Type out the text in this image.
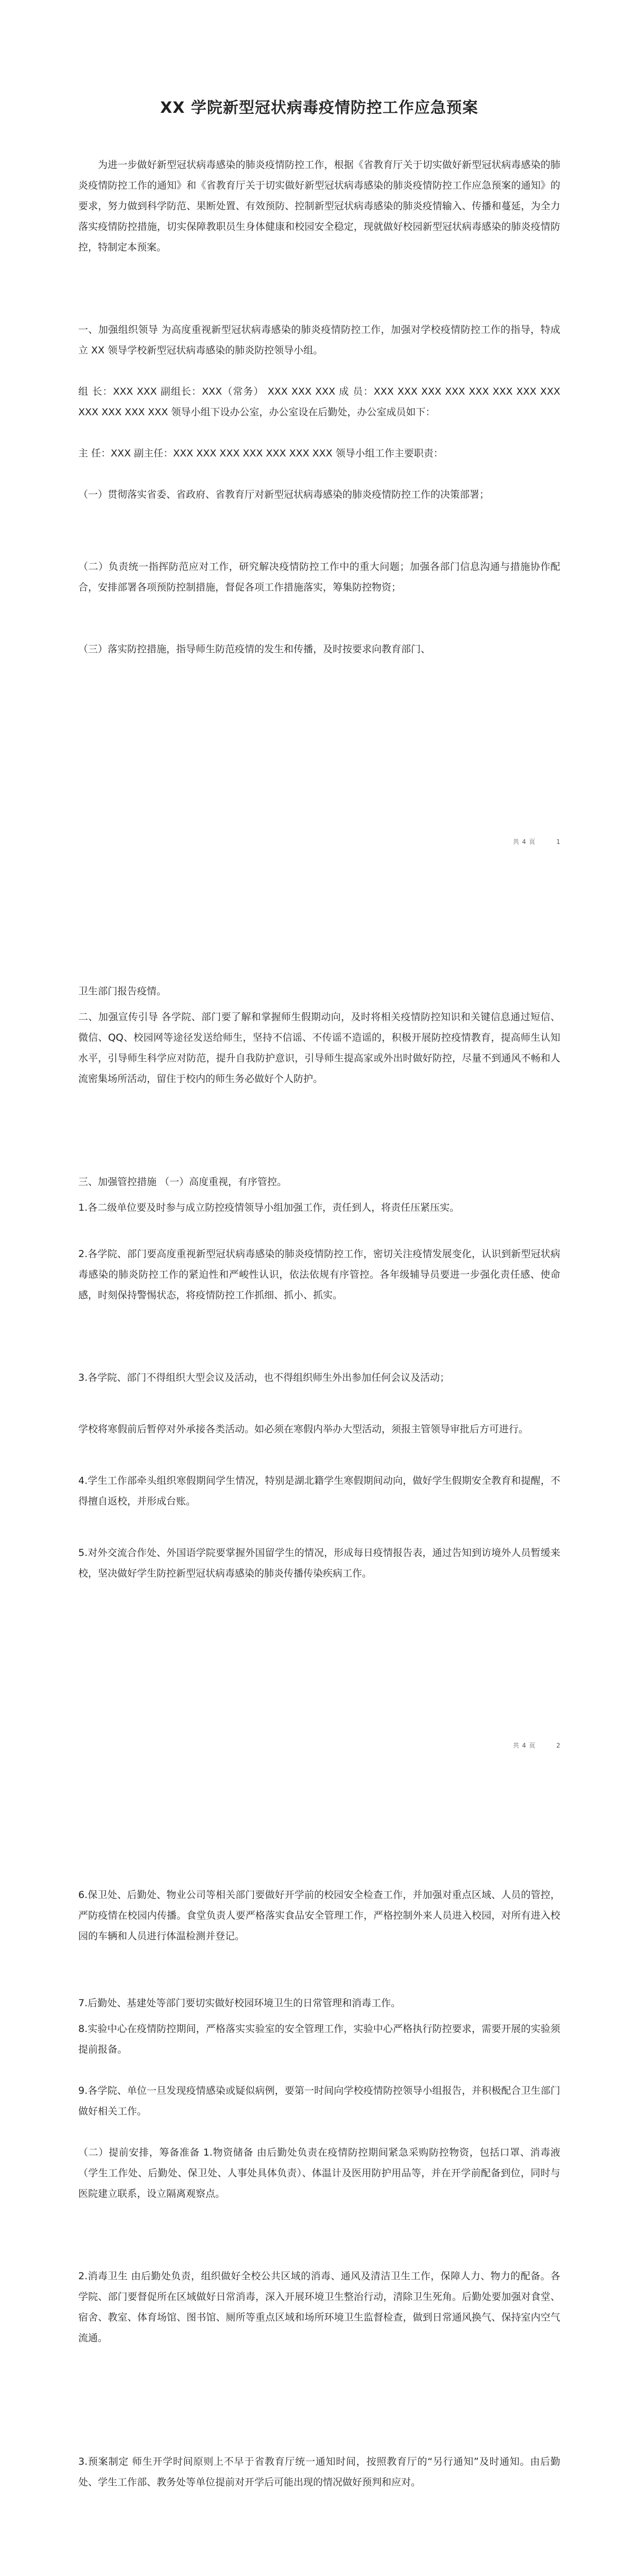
XX 学院新型冠状病毒疫情防控工作应急预案
为进一步做好新型冠状病毒感染的肺炎疫情防控工作，根据《省教育厅关于切实做好新型冠状病毒感染的肺炎疫情防控工作的通知》和《省教育厅关于切实做好新型冠状病毒感染的肺炎疫情防控工作应急预案的通知》的要求，努力做到科学防范、果断处置、有效预防、控制新型冠状病毒感染的肺炎疫情输入、传播和蔓延，为全力落实疫情防控措施，切实保障教职员生身体健康和校园安全稳定，现就做好校园新型冠状病毒感染的肺炎疫情防控，特制定本预案。
一、加强组织领导 为高度重视新型冠状病毒感染的肺炎疫情防控工作，加强对学校疫情防控工作的指导，特成立 XX 领导学校新型冠状病毒感染的肺炎防控领导小组。
组 长：XXX XXX 副组长：XXX（常务） XXX XXX XXX 成 员：XXX XXX XXX XXX XXX XXX XXX XXX XXX XXX XXX XXX 领导小组下设办公室，办公室设在后勤处，办公室成员如下：
主 任：XXX 副主任：XXX XXX XXX XXX XXX XXX XXX 领导小组工作主要职责：
（一）贯彻落实省委、省政府、省教育厅对新型冠状病毒感染的肺炎疫情防控工作的决策部署；
（二）负责统一指挥防范应对工作，研究解决疫情防控工作中的重大问题；加强各部门信息沟通与措施协作配合，安排部署各项预防控制措施，督促各项工作措施落实，筹集防控物资；
（三）落实防控措施，指导师生防范疫情的发生和传播，及时按要求向教育部门、
共 4 页	1
卫生部门报告疫情。
二、加强宣传引导 各学院、部门要了解和掌握师生假期动向，及时将相关疫情防控知识和关键信息通过短信、微信、QQ、校园网等途径发送给师生，坚持不信谣、不传谣不造谣的，积极开展防控疫情教育，提高师生认知水平，引导师生科学应对防范，提升自我防护意识，引导师生提高家或外出时做好防控，尽量不到通风不畅和人流密集场所活动，留住于校内的师生务必做好个人防护。
三、加强管控措施 （一）高度重视，有序管控。
1.各二级单位要及时参与成立防控疫情领导小组加强工作，责任到人，将责任压紧压实。
2.各学院、部门要高度重视新型冠状病毒感染的肺炎疫情防控工作，密切关注疫情发展变化，认识到新型冠状病毒感染的肺炎防控工作的紧迫性和严峻性认识，依法依规有序管控。各年级辅导员要进一步强化责任感、使命感，时刻保持警惕状态，将疫情防控工作抓细、抓小、抓实。
3.各学院、部门不得组织大型会议及活动，也不得组织师生外出参加任何会议及活动；
学校将寒假前后暂停对外承接各类活动。如必须在寒假内举办大型活动，须报主管领导审批后方可进行。
4.学生工作部牵头组织寒假期间学生情况，特别是湖北籍学生寒假期间动向，做好学生假期安全教育和提醒，不得擅自返校，并形成台账。
5.对外交流合作处、外国语学院要掌握外国留学生的情况，形成每日疫情报告表，通过告知到访境外人员暂缓来校，坚决做好学生防控新型冠状病毒感染的肺炎传播传染疾病工作。
共 4 页	2
6.保卫处、后勤处、物业公司等相关部门要做好开学前的校园安全检查工作，并加强对重点区域、人员的管控，严防疫情在校园内传播。食堂负责人要严格落实食品安全管理工作，严格控制外来人员进入校园，对所有进入校园的车辆和人员进行体温检测并登记。
7.后勤处、基建处等部门要切实做好校园环境卫生的日常管理和消毒工作。
8.实验中心在疫情防控期间，严格落实实验室的安全管理工作，实验中心严格执行防控要求，需要开展的实验须提前报备。
9.各学院、单位一旦发现疫情感染或疑似病例，要第一时间向学校疫情防控领导小组报告，并积极配合卫生部门做好相关工作。
（二）提前安排，筹备准备 1.物资储备 由后勤处负责在疫情防控期间紧急采购防控物资，包括口罩、消毒液（学生工作处、后勤处、保卫处、人事处具体负责）、体温计及医用防护用品等，并在开学前配备到位，同时与医院建立联系，设立隔离观察点。
2.消毒卫生 由后勤处负责，组织做好全校公共区域的消毒、通风及清洁卫生工作，保障人力、物力的配备。各学院、部门要督促所在区域做好日常消毒，深入开展环境卫生整治行动，清除卫生死角。后勤处要加强对食堂、宿舍、教室、体育场馆、图书馆、厕所等重点区域和场所环境卫生监督检查，做到日常通风换气、保持室内空气流通。
3.预案制定 师生开学时间原则上不早于省教育厅统一通知时间，按照教育厅的“另行通知”及时通知。由后勤处、学生工作部、教务处等单位提前对开学后可能出现的情况做好预判和应对。
